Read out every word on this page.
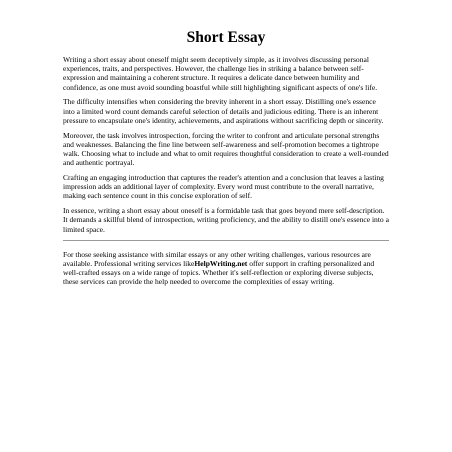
Short Essay

Writing a short essay about oneself might seem deceptively simple, as it involves discussing personal experiences, traits, and perspectives. However, the challenge lies in striking a balance between self-expression and maintaining a coherent structure. It requires a delicate dance between humility and confidence, as one must avoid sounding boastful while still highlighting significant aspects of one's life.

The difficulty intensifies when considering the brevity inherent in a short essay. Distilling one's essence into a limited word count demands careful selection of details and judicious editing. There is an inherent pressure to encapsulate one's identity, achievements, and aspirations without sacrificing depth or sincerity.

Moreover, the task involves introspection, forcing the writer to confront and articulate personal strengths and weaknesses. Balancing the fine line between self-awareness and self-promotion becomes a tightrope walk. Choosing what to include and what to omit requires thoughtful consideration to create a well-rounded and authentic portrayal.

Crafting an engaging introduction that captures the reader's attention and a conclusion that leaves a lasting impression adds an additional layer of complexity. Every word must contribute to the overall narrative, making each sentence count in this concise exploration of self.

In essence, writing a short essay about oneself is a formidable task that goes beyond mere self-description. It demands a skillful blend of introspection, writing proficiency, and the ability to distill one's essence into a limited space.

For those seeking assistance with similar essays or any other writing challenges, various resources are available. Professional writing services likeHelpWriting.net offer support in crafting personalized and well-crafted essays on a wide range of topics. Whether it's self-reflection or exploring diverse subjects, these services can provide the help needed to overcome the complexities of essay writing.
